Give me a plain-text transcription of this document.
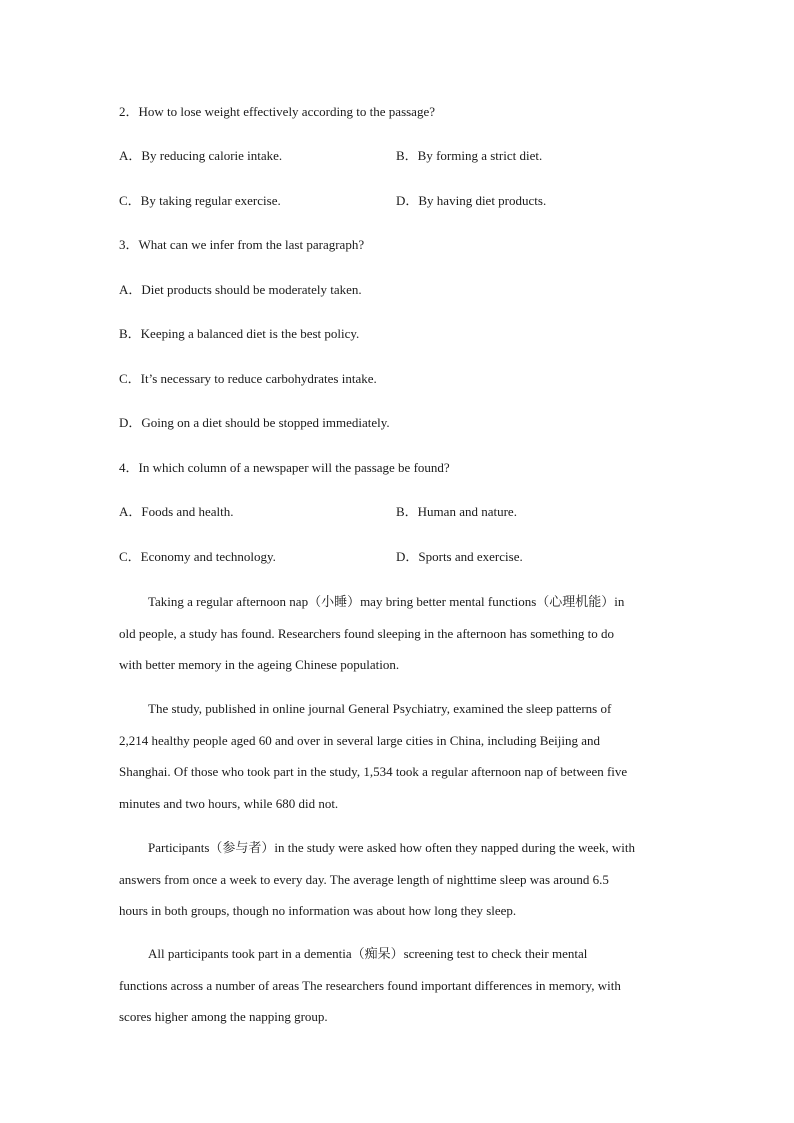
2．How to lose weight effectively according to the passage?
A．By reducing calorie intake.	B．By forming a strict diet.
C．By taking regular exercise.	D．By having diet products.
3．What can we infer from the last paragraph?
A．Diet products should be moderately taken.
B．Keeping a balanced diet is the best policy.
C．It’s necessary to reduce carbohydrates intake.
D．Going on a diet should be stopped immediately.
4．In which column of a newspaper will the passage be found?
A．Foods and health.	B．Human and nature.
C．Economy and technology.	D．Sports and exercise.
Taking a regular afternoon nap（小睡）may bring better mental functions（心理机能）in
old people, a study has found. Researchers found sleeping in the afternoon has something to do
with better memory in the ageing Chinese population.
The study, published in online journal General Psychiatry, examined the sleep patterns of
2,214 healthy people aged 60 and over in several large cities in China, including Beijing and
Shanghai. Of those who took part in the study, 1,534 took a regular afternoon nap of between five
minutes and two hours, while 680 did not.
Participants（参与者）in the study were asked how often they napped during the week, with
answers from once a week to every day. The average length of nighttime sleep was around 6.5
hours in both groups, though no information was about how long they sleep.
All participants took part in a dementia（痴呆）screening test to check their mental
functions across a number of areas The researchers found important differences in memory, with
scores higher among the napping group.
